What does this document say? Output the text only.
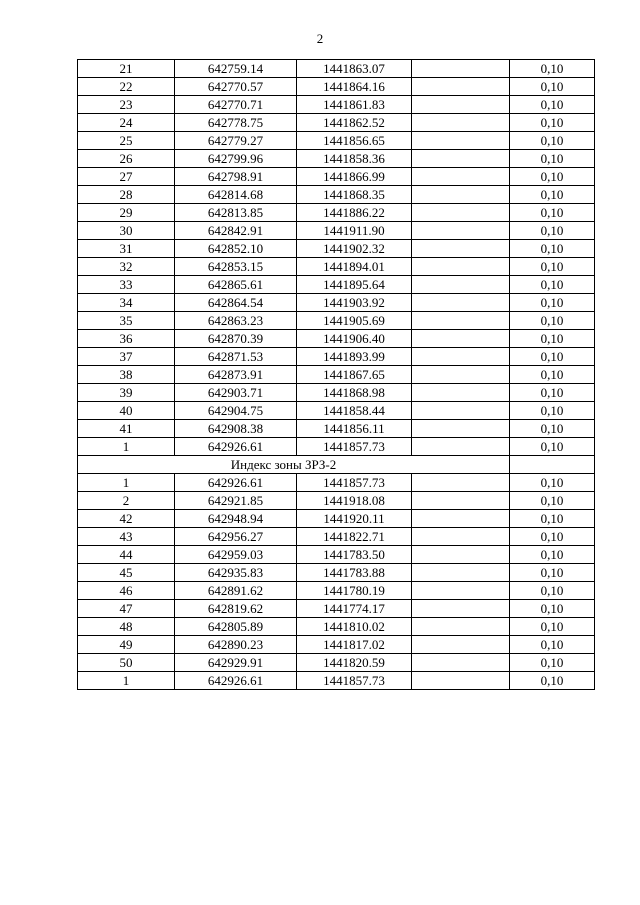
2
21	642759.14	1441863.07		0,10
22	642770.57	1441864.16		0,10
23	642770.71	1441861.83		0,10
24	642778.75	1441862.52		0,10
25	642779.27	1441856.65		0,10
26	642799.96	1441858.36		0,10
27	642798.91	1441866.99		0,10
28	642814.68	1441868.35		0,10
29	642813.85	1441886.22		0,10
30	642842.91	1441911.90		0,10
31	642852.10	1441902.32		0,10
32	642853.15	1441894.01		0,10
33	642865.61	1441895.64		0,10
34	642864.54	1441903.92		0,10
35	642863.23	1441905.69		0,10
36	642870.39	1441906.40		0,10
37	642871.53	1441893.99		0,10
38	642873.91	1441867.65		0,10
39	642903.71	1441868.98		0,10
40	642904.75	1441858.44		0,10
41	642908.38	1441856.11		0,10
1	642926.61	1441857.73		0,10
Индекс зоны ЗРЗ-2				
1	642926.61	1441857.73		0,10
2	642921.85	1441918.08		0,10
42	642948.94	1441920.11		0,10
43	642956.27	1441822.71		0,10
44	642959.03	1441783.50		0,10
45	642935.83	1441783.88		0,10
46	642891.62	1441780.19		0,10
47	642819.62	1441774.17		0,10
48	642805.89	1441810.02		0,10
49	642890.23	1441817.02		0,10
50	642929.91	1441820.59		0,10
1	642926.61	1441857.73		0,10
